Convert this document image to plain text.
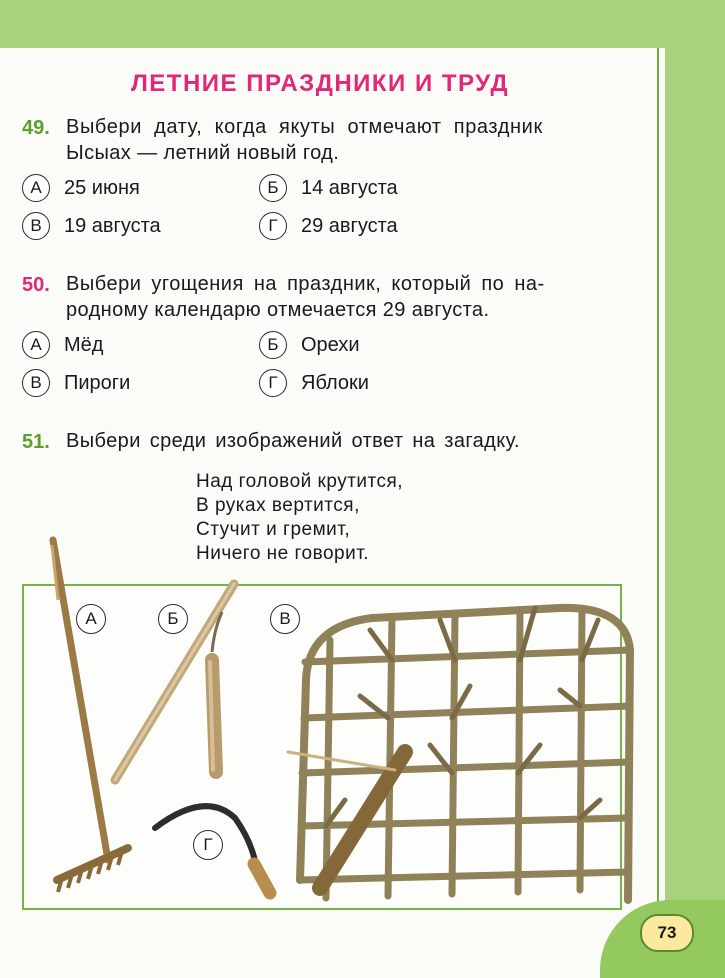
73
ЛЕТНИЕ ПРАЗДНИКИ И ТРУД
49. Выбери дату, когда якуты отмечают праздник
Ысыах — летний новый год.
А	25 июня	Б	14 августа
В	19 августа	Г	29 августа
50. Выбери угощения на праздник, который по на-
родному календарю отмечается 29 августа.
А	Мёд	Б	Орехи
В	Пироги	Г	Яблоки
51. Выбери среди изображений ответ на загадку.
Над головой крутится,
В руках вертится,
Стучит и гремит,
Ничего не говорит.
А	Б	В
Г
